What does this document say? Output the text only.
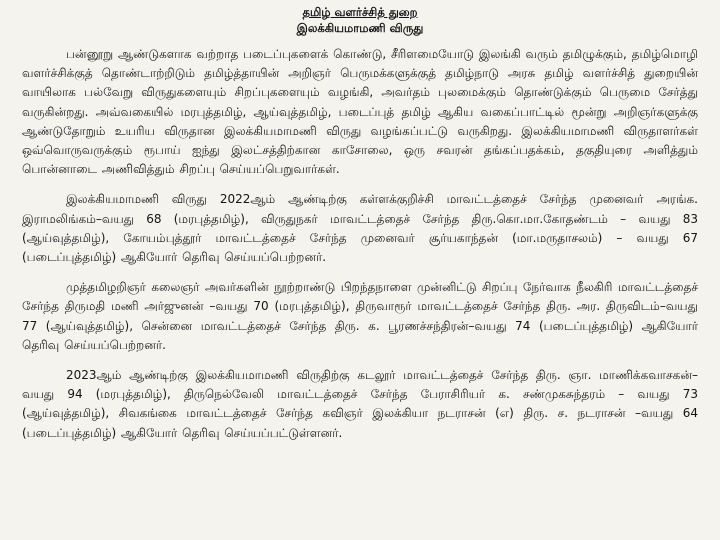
தமிழ் வளர்ச்சித் துறை
இலக்கியமாமணி விருது

பன்னூறு ஆண்டுகளாக வற்றாத படைப்புகளைக் கொண்டு, சீரிளமையோடு இலங்கி வரும் தமிழுக்கும், தமிழ்மொழி வளர்ச்சிக்குத் தொண்டாற்றிடும் தமிழ்த்தாயின் அறிஞர் பெருமக்களுக்குத் தமிழ்நாடு அரசு தமிழ் வளர்ச்சித் துறையின் வாயிலாக பல்வேறு விருதுகளையும் சிறப்புகளையும் வழங்கி, அவர்தம் புலமைக்கும் தொண்டுக்கும் பெருமை சேர்த்து வருகின்றது. அவ்வகையில் மரபுத்தமிழ், ஆய்வுத்தமிழ், படைப்புத் தமிழ் ஆகிய வகைப்பாட்டில் மூன்று அறிஞர்களுக்கு ஆண்டுதோறும் உயரிய விருதான இலக்கியமாமணி விருது வழங்கப்பட்டு வருகிறது. இலக்கியமாமணி விருதாளர்கள் ஒவ்வொருவருக்கும் ரூபாய் ஐந்து இலட்சத்திற்கான காசோலை, ஒரு சவரன் தங்கப்பதக்கம், தகுதியுரை அளித்தும் பொன்னாடை அணிவித்தும் சிறப்பு செய்யப்பெறுவார்கள்.

இலக்கியமாமணி விருது 2022ஆம் ஆண்டிற்கு கள்ளக்குறிச்சி மாவட்டத்தைச் சேர்ந்த முனைவர் அரங்க. இராமலிங்கம்–வயது 68 (மரபுத்தமிழ்), விருதுநகர் மாவட்டத்தைச் சேர்ந்த திரு.கொ.மா.கோதண்டம் – வயது 83 (ஆய்வுத்தமிழ்), கோயம்புத்தூர் மாவட்டத்தைச் சேர்ந்த முனைவர் சூர்யகாந்தன் (மா.மருதாசலம்) – வயது 67 (படைப்புத்தமிழ்) ஆகியோர் தெரிவு செய்யப்பெற்றனர்.

முத்தமிழறிஞர் கலைஞர் அவர்களின் நூற்றாண்டு பிறந்தநாளை முன்னிட்டு சிறப்பு நேர்வாக நீலகிரி மாவட்டத்தைச் சேர்ந்த திருமதி மணி அர்ஜுனன் –வயது 70 (மரபுத்தமிழ்), திருவாரூர் மாவட்டத்தைச் சேர்ந்த திரு. அர. திருவிடம்–வயது 77 (ஆய்வுத்தமிழ்), சென்னை மாவட்டத்தைச் சேர்ந்த திரு. க. பூரணச்சந்திரன்–வயது 74 (படைப்புத்தமிழ்) ஆகியோர் தெரிவு செய்யப்பெற்றனர்.

2023ஆம் ஆண்டிற்கு இலக்கியமாமணி விருதிற்கு கடலூர் மாவட்டத்தைச் சேர்ந்த திரு. ஞா. மாணிக்கவாசகன்– வயது 94 (மரபுத்தமிழ்), திருநெல்வேலி மாவட்டத்தைச் சேர்ந்த பேராசிரியர் க. சண்முகசுந்தரம் – வயது 73 (ஆய்வுத்தமிழ்), சிவகங்கை மாவட்டத்தைச் சேர்ந்த கவிஞர் இலக்கியா நடராசன் (எ) திரு. ச. நடராசன் –வயது 64 (படைப்புத்தமிழ்) ஆகியோர் தெரிவு செய்யப்பட்டுள்ளனர்.
